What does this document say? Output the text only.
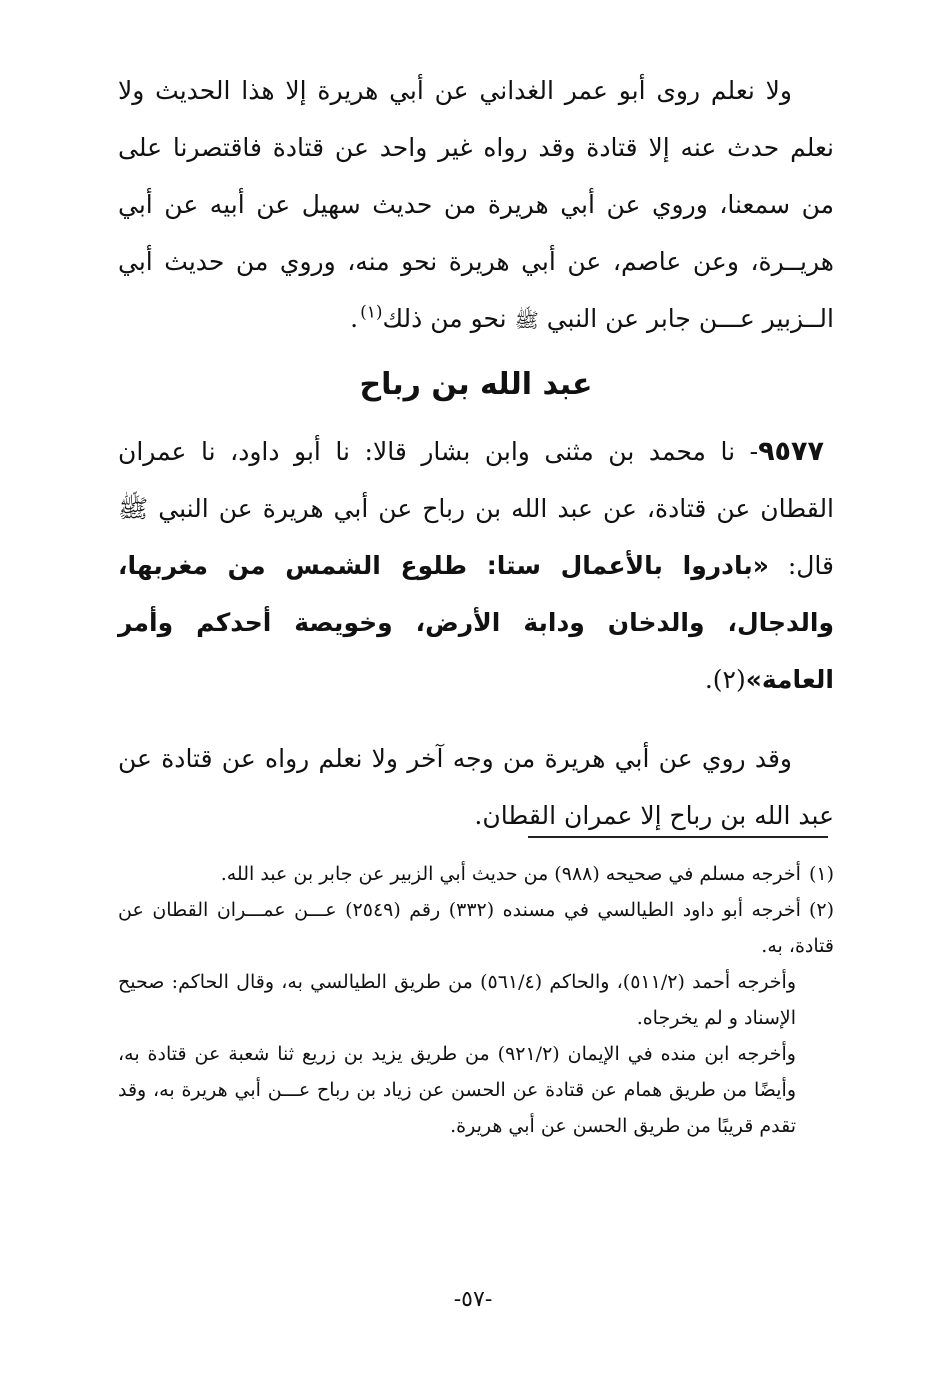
ولا نعلم روى أبو عمر الغداني عن أبي هريرة إلا هذا الحديث ولا نعلم حدث عنه إلا قتادة وقد رواه غير واحد عن قتادة فاقتصرنا على من سمعنا، وروي عن أبي هريرة من حديث سهيل عن أبيه عن أبي هريــرة، وعن عاصم، عن أبي هريرة نحو منه، وروي من حديث أبي الــزبير عـــن جابر عن النبي ﷺ نحو من ذلك$^{(١)}$.

عبد الله بن رباح

٩٥٧٧- نا محمد بن مثنى وابن بشار قالا: نا أبو داود، نا عمران القطان عن قتادة، عن عبد الله بن رباح عن أبي هريرة عن النبي ﷺ قال: «بادروا بالأعمال ستا: طلوع الشمس من مغربها، والدجال، والدخان ودابة الأرض، وخويصة أحدكم وأمر العامة»(٢).

وقد روي عن أبي هريرة من وجه آخر ولا نعلم رواه عن قتادة عن عبد الله بن رباح إلا عمران القطان.

(١)أخرجه مسلم في صحيحه (٩٨٨) من حديث أبي الزبير عن جابر بن عبد الله.

(٢)أخرجه أبو داود الطيالسي في مسنده (٣٣٢) رقم (٢٥٤٩) عـــن عمـــران القطان عن قتادة، به.

وأخرجه أحمد (٥١١/٢)، والحاكم (٥٦١/٤) من طريق الطيالسي به، وقال الحاكم: صحيح الإسناد و لم يخرجاه.

وأخرجه ابن منده في الإيمان (٩٢١/٢) من طريق يزيد بن زريع ثنا شعبة عن قتادة به، وأيضًا من طريق همام عن قتادة عن الحسن عن زياد بن رباح عـــن أبي هريرة به، وقد تقدم قريبًا من طريق الحسن عن أبي هريرة.

-٥٧-
